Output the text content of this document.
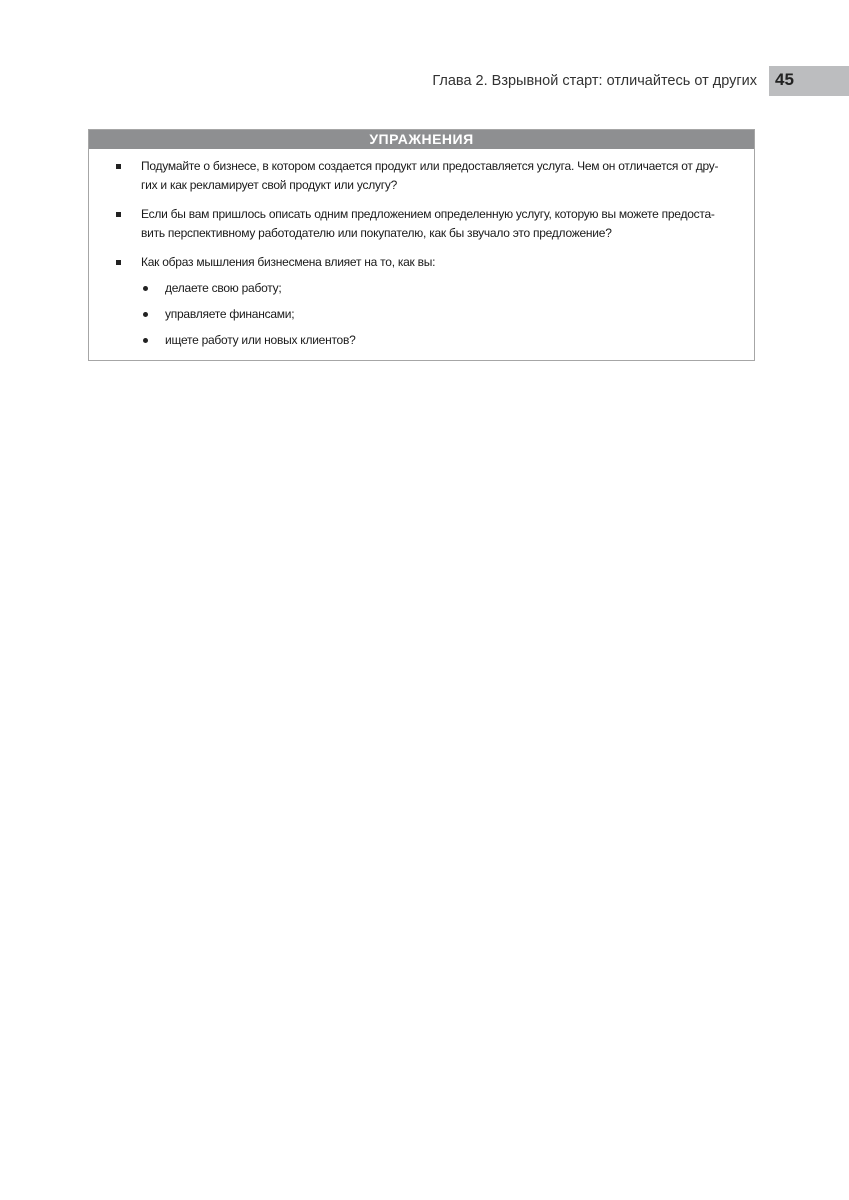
Глава 2. Взрывной старт: отличайтесь от других 45
УПРАЖНЕНИЯ
Подумайте о бизнесе, в котором создается продукт или предоставляется услуга. Чем он отличается от дру-
гих и как рекламирует свой продукт или услугу?
Если бы вам пришлось описать одним предложением определенную услугу, которую вы можете предоста-
вить перспективному работодателю или покупателю, как бы звучало это предложение?
Как образ мышления бизнесмена влияет на то, как вы:
делаете свою работу;
управляете финансами;
ищете работу или новых клиентов?
